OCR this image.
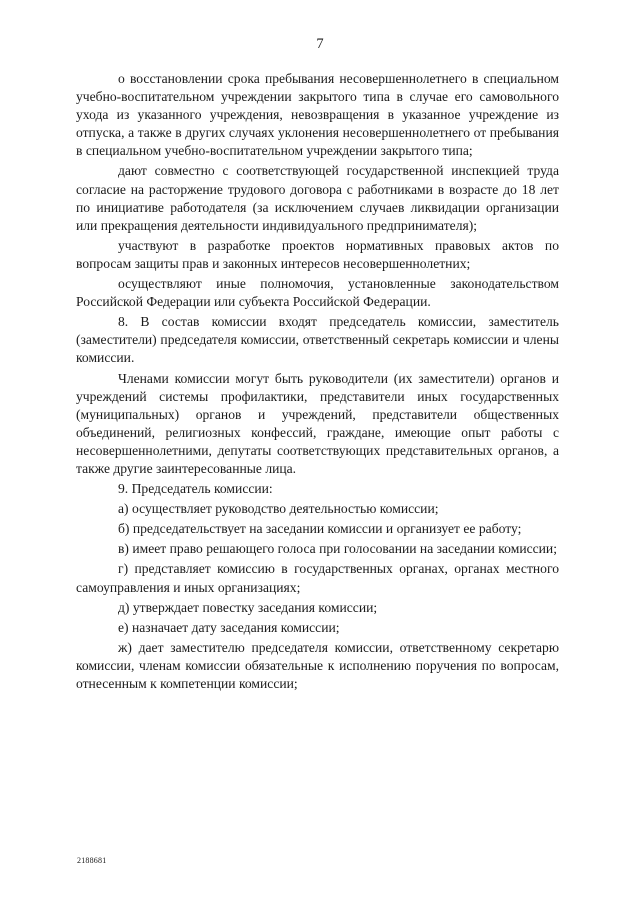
7

о восстановлении срока пребывания несовершеннолетнего в специальном учебно-воспитательном учреждении закрытого типа в случае его самовольного ухода из указанного учреждения, невозвращения в указанное учреждение из отпуска, а также в других случаях уклонения несовершеннолетнего от пребывания в специальном учебно-воспитательном учреждении закрытого типа;

дают совместно с соответствующей государственной инспекцией труда согласие на расторжение трудового договора с работниками в возрасте до 18 лет по инициативе работодателя (за исключением случаев ликвидации организации или прекращения деятельности индивидуального предпринимателя);

участвуют в разработке проектов нормативных правовых актов по вопросам защиты прав и законных интересов несовершеннолетних;

осуществляют иные полномочия, установленные законодательством Российской Федерации или субъекта Российской Федерации.

8. В состав комиссии входят председатель комиссии, заместитель (заместители) председателя комиссии, ответственный секретарь комиссии и члены комиссии.

Членами комиссии могут быть руководители (их заместители) органов и учреждений системы профилактики, представители иных государственных (муниципальных) органов и учреждений, представители общественных объединений, религиозных конфессий, граждане, имеющие опыт работы с несовершеннолетними, депутаты соответствующих представительных органов, а также другие заинтересованные лица.

9. Председатель комиссии:

а) осуществляет руководство деятельностью комиссии;

б) председательствует на заседании комиссии и организует ее работу;

в) имеет право решающего голоса при голосовании на заседании комиссии;

г) представляет комиссию в государственных органах, органах местного самоуправления и иных организациях;

д) утверждает повестку заседания комиссии;

е) назначает дату заседания комиссии;

ж) дает заместителю председателя комиссии, ответственному секретарю комиссии, членам комиссии обязательные к исполнению поручения по вопросам, отнесенным к компетенции комиссии;

2188681
